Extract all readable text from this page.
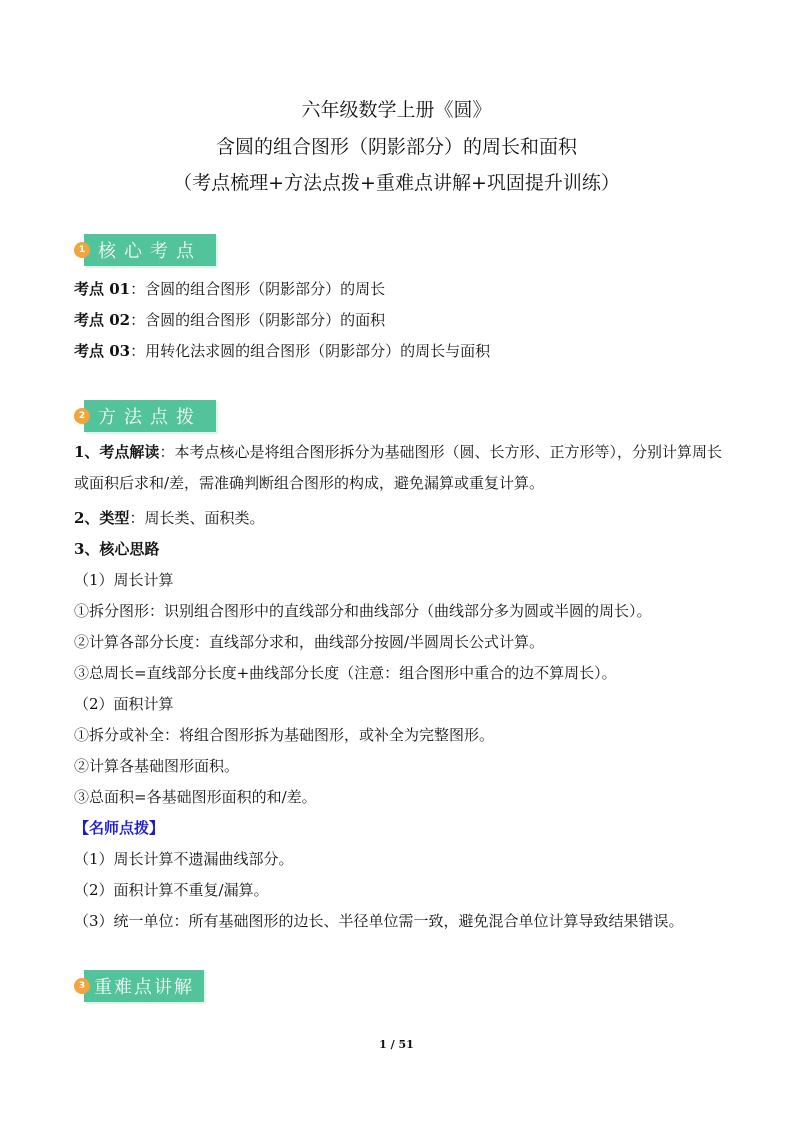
六年级数学上册《圆》
含圆的组合图形（阴影部分）的周长和面积
（考点梳理+方法点拨+重难点讲解+巩固提升训练）
1 核心考点
考点 01：含圆的组合图形（阴影部分）的周长
考点 02：含圆的组合图形（阴影部分）的面积
考点 03：用转化法求圆的组合图形（阴影部分）的周长与面积
2 方法点拨
1、考点解读：本考点核心是将组合图形拆分为基础图形（圆、长方形、正方形等），分别计算周长或面积后求和/差，需准确判断组合图形的构成，避免漏算或重复计算。
2、类型：周长类、面积类。
3、核心思路
（1）周长计算
①拆分图形：识别组合图形中的直线部分和曲线部分（曲线部分多为圆或半圆的周长）。
②计算各部分长度：直线部分求和，曲线部分按圆/半圆周长公式计算。
③总周长=直线部分长度+曲线部分长度（注意：组合图形中重合的边不算周长）。
（2）面积计算
①拆分或补全：将组合图形拆为基础图形，或补全为完整图形。
②计算各基础图形面积。
③总面积=各基础图形面积的和/差。
【名师点拨】
（1）周长计算不遗漏曲线部分。
（2）面积计算不重复/漏算。
（3）统一单位：所有基础图形的边长、半径单位需一致，避免混合单位计算导致结果错误。
3 重难点讲解
1 / 51
